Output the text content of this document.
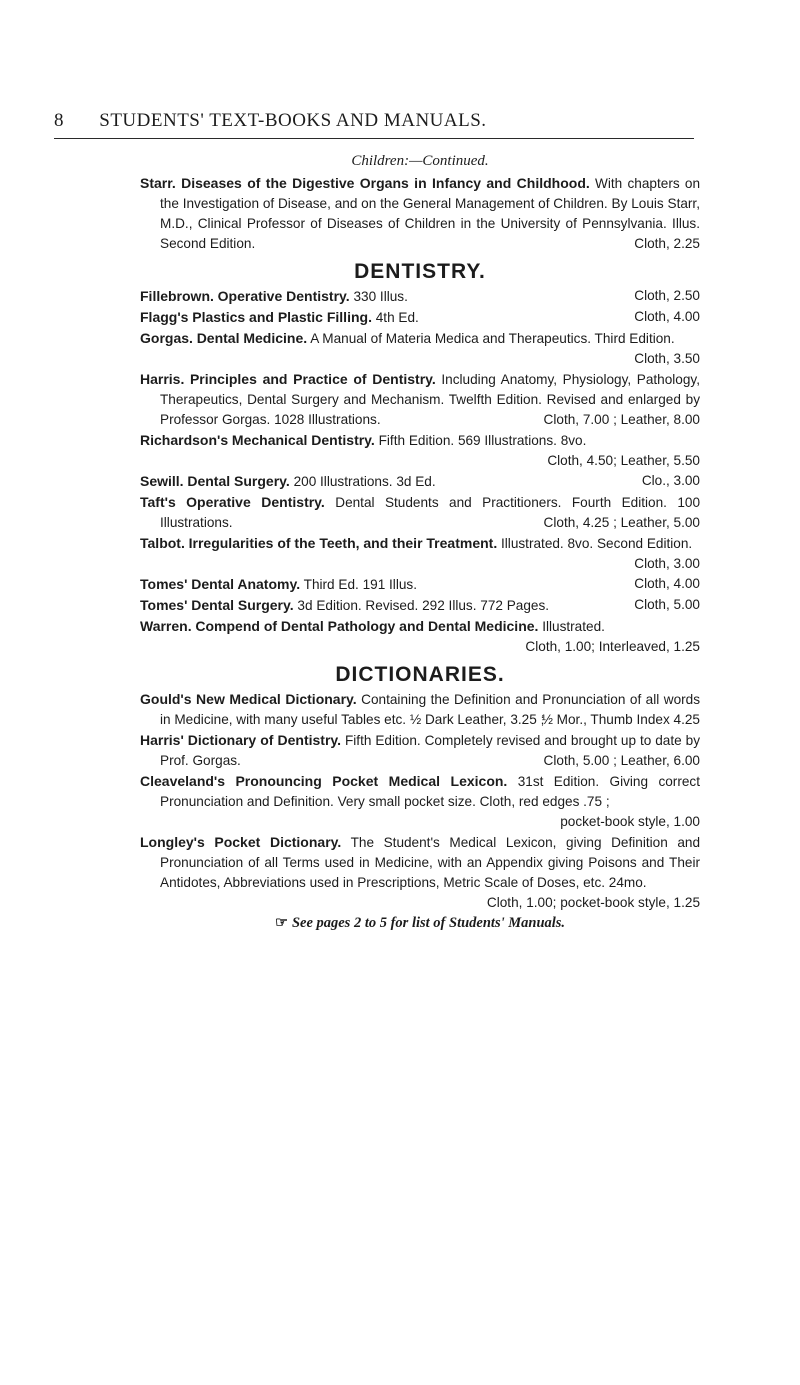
8 STUDENTS' TEXT-BOOKS AND MANUALS.
Children:—Continued.
Starr. Diseases of the Digestive Organs in Infancy and Childhood. With chapters on the Investigation of Disease, and on the General Management of Children. By Louis Starr, M.D., Clinical Professor of Diseases of Children in the University of Pennsylvania. Illus. Second Edition.	Cloth, 2.25
DENTISTRY.
Fillebrown. Operative Dentistry. 330 Illus.	Cloth, 2.50
Flagg's Plastics and Plastic Filling. 4th Ed.	Cloth, 4.00
Gorgas. Dental Medicine. A Manual of Materia Medica and Therapeutics. Third Edition.
Cloth, 3.50
Harris. Principles and Practice of Dentistry. Including Anatomy, Physiology, Pathology, Therapeutics, Dental Surgery and Mechanism. Twelfth Edition. Revised and enlarged by Professor Gorgas. 1028 Illustrations.	Cloth, 7.00 ; Leather, 8.00
Richardson's Mechanical Dentistry. Fifth Edition. 569 Illustrations. 8vo.
Cloth, 4.50; Leather, 5.50
Sewill. Dental Surgery. 200 Illustrations. 3d Ed.	Clo., 3.00
Taft's Operative Dentistry. Dental Students and Practitioners. Fourth Edition. 100 Illustrations.	Cloth, 4.25 ; Leather, 5.00
Talbot. Irregularities of the Teeth, and their Treatment. Illustrated. 8vo. Second Edition.
Cloth, 3.00
Tomes' Dental Anatomy. Third Ed. 191 Illus.	Cloth, 4.00
Tomes' Dental Surgery. 3d Edition. Revised. 292 Illus. 772 Pages.	Cloth, 5.00
Warren. Compend of Dental Pathology and Dental Medicine. Illustrated.
Cloth, 1.00; Interleaved, 1.25
DICTIONARIES.
Gould's New Medical Dictionary. Containing the Definition and Pronunciation of all words in Medicine, with many useful Tables etc. ½ Dark Leather, 3.25 ;
½ Mor., Thumb Index 4.25
Harris' Dictionary of Dentistry. Fifth Edition. Completely revised and brought up to date by Prof. Gorgas.	Cloth, 5.00 ; Leather, 6.00
Cleaveland's Pronouncing Pocket Medical Lexicon. 31st Edition. Giving correct Pronunciation and Definition. Very small pocket size. Cloth, red edges .75 ;
pocket-book style, 1.00
Longley's Pocket Dictionary. The Student's Medical Lexicon, giving Definition and Pronunciation of all Terms used in Medicine, with an Appendix giving Poisons and Their Antidotes, Abbreviations used in Prescriptions, Metric Scale of Doses, etc. 24mo.
Cloth, 1.00; pocket-book style, 1.25
☞ See pages 2 to 5 for list of Students' Manuals.
